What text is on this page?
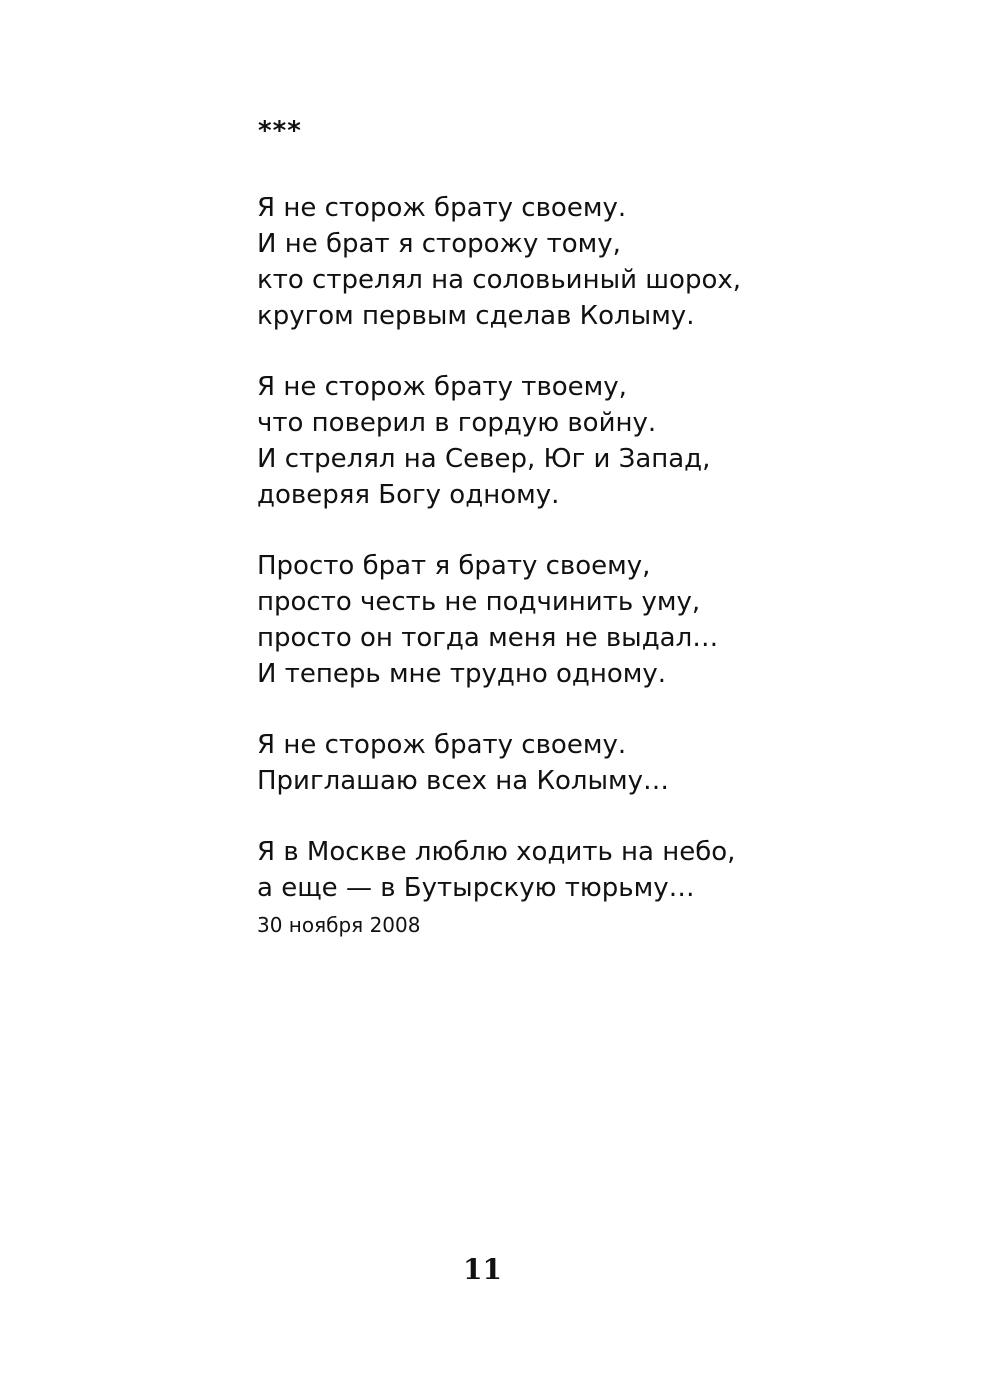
***
Я не сторож брату своему.
И не брат я сторожу тому,
кто стрелял на соловьиный шорох,
кругом первым сделав Колыму.
Я не сторож брату твоему,
что поверил в гордую войну.
И стрелял на Север, Юг и Запад,
доверяя Богу одному.
Просто брат я брату своему,
просто честь не подчинить уму,
просто он тогда меня не выдал…
И теперь мне трудно одному.
Я не сторож брату своему.
Приглашаю всех на Колыму…
Я в Москве люблю ходить на небо,
а еще — в Бутырскую тюрьму…
30 ноября 2008
11
